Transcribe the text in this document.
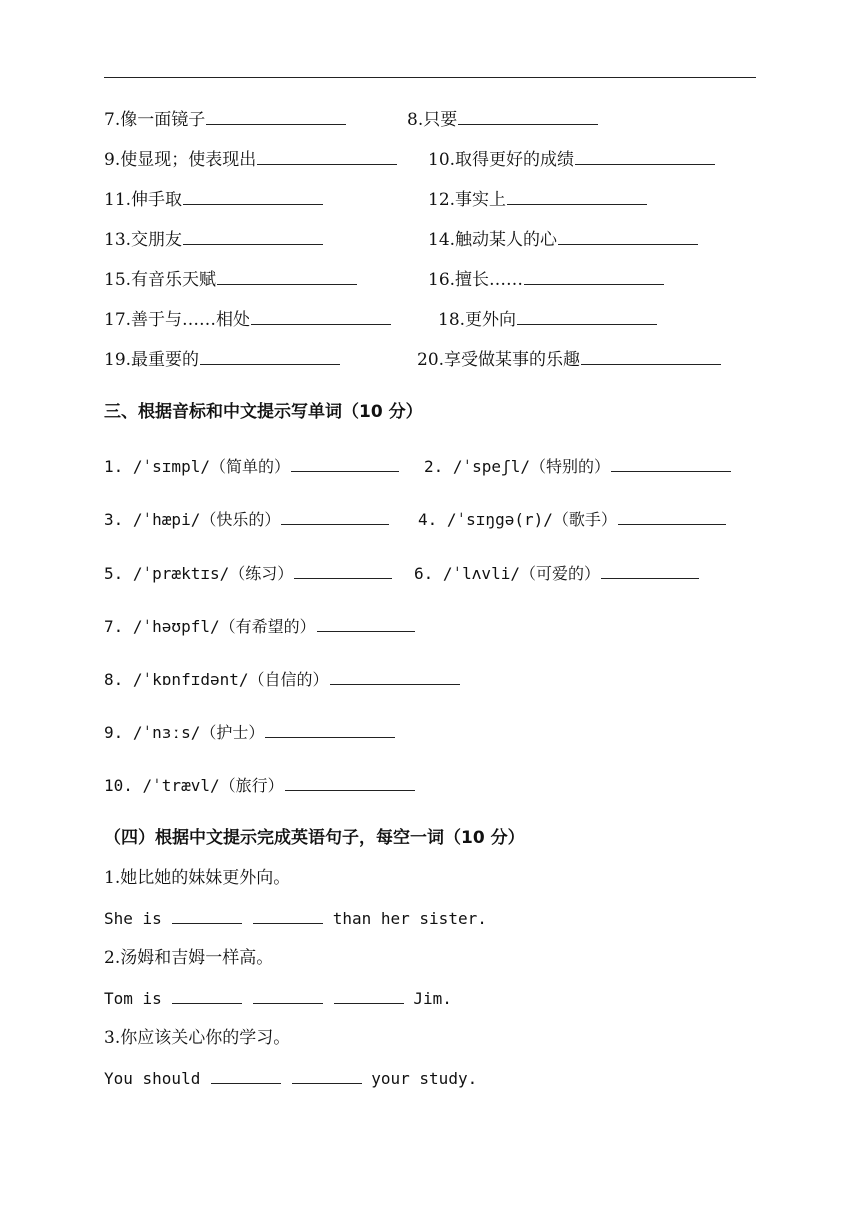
7.像一面镜子	8.只要
9.使显现；使表现出	10.取得更好的成绩
11.伸手取	12.事实上
13.交朋友	14.触动某人的心
15.有音乐天赋	16.擅长……
17.善于与……相处	18.更外向
19.最重要的	20.享受做某事的乐趣
三、根据音标和中文提示写单词（10 分）
1. /ˈsɪmpl/（简单的）	2. /ˈspeʃl/（特别的）
3. /ˈhæpi/（快乐的）	4. /ˈsɪŋgə(r)/（歌手）
5. /ˈpræktɪs/（练习）	6. /ˈlʌvli/（可爱的）
7. /ˈhəʊpfl/（有希望的）
8. /ˈkɒnfɪdənt/（自信的）
9. /ˈnɜːs/（护士）
10. /ˈtrævl/（旅行）
（四）根据中文提示完成英语句子，每空一词（10 分）
1.她比她的妹妹更外向。
She is	than her sister.
2.汤姆和吉姆一样高。
Tom is	Jim.
3.你应该关心你的学习。
You should	your study.
